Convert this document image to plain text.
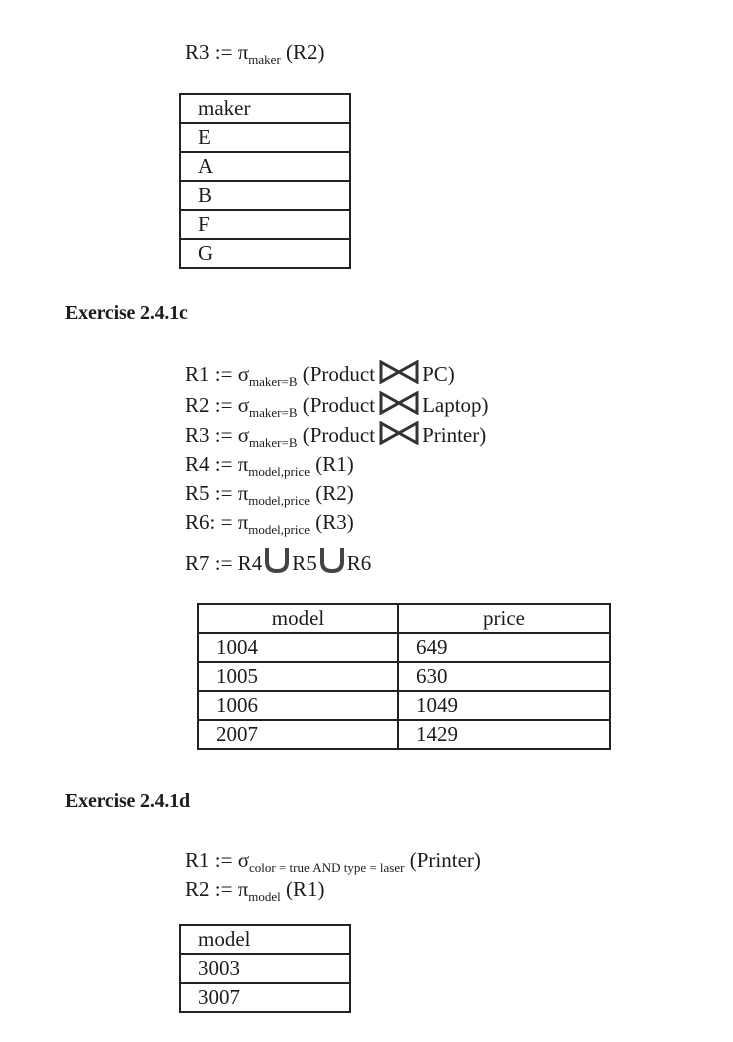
R3 := $\pi_{maker}$ (R2)
maker
E
A
B
F
G
Exercise 2.4.1c
R1 := $\sigma_{maker=B}$ (Product PC)
R2 := $\sigma_{maker=B}$ (Product Laptop)
R3 := $\sigma_{maker=B}$ (Product Printer)
R4 := $\pi_{model,price}$ (R1)
R5 := $\pi_{model,price}$ (R2)
R6: = $\pi_{model,price}$ (R3)
R7 := R4 R5 R6
model	price
1004	649
1005	630
1006	1049
2007	1429
Exercise 2.4.1d
R1 := $\sigma_{color = true AND type = laser}$ (Printer)
R2 := $\pi_{model}$ (R1)
model
3003
3007
